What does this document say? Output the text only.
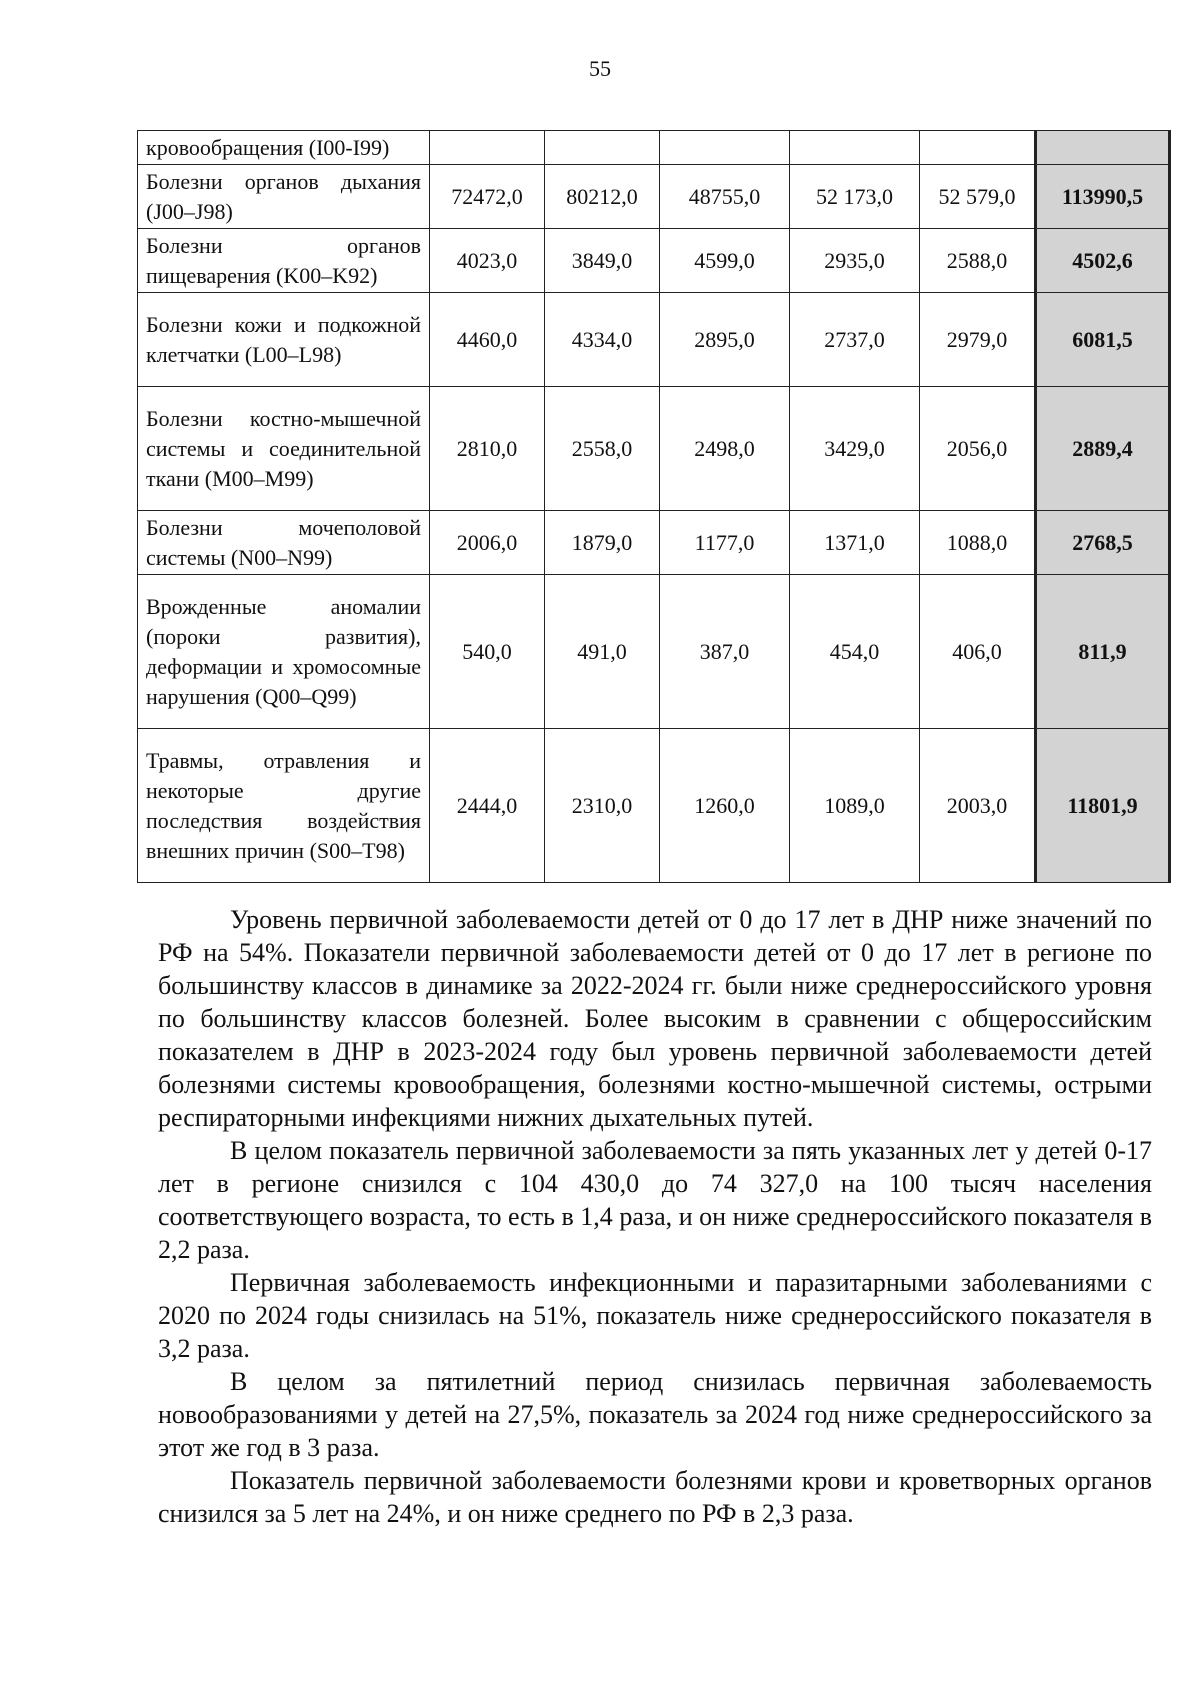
55
кровообращения (I00-I99)						
Болезни органов дыхания (J00–J98)	72472,0	80212,0	48755,0	52 173,0	52 579,0	113990,5
Болезни органов пищеварения (K00–K92)	4023,0	3849,0	4599,0	2935,0	2588,0	4502,6
Болезни кожи и подкожной клетчатки (L00–L98)	4460,0	4334,0	2895,0	2737,0	2979,0	6081,5
Болезни костно-мышечной системы и соединительной ткани (M00–M99)	2810,0	2558,0	2498,0	3429,0	2056,0	2889,4
Болезни мочеполовой системы (N00–N99)	2006,0	1879,0	1177,0	1371,0	1088,0	2768,5
Врожденные аномалии (пороки развития), деформации и хромосомные нарушения (Q00–Q99)	540,0	491,0	387,0	454,0	406,0	811,9
Травмы, отравления и некоторые другие последствия воздействия внешних причин (S00–T98)	2444,0	2310,0	1260,0	1089,0	2003,0	11801,9

Уровень первичной заболеваемости детей от 0 до 17 лет в ДНР ниже значений по РФ на 54%. Показатели первичной заболеваемости детей от 0 до 17 лет в регионе по большинству классов в динамике за 2022-2024 гг. были ниже среднероссийского уровня по большинству классов болезней. Более высоким в сравнении с общероссийским показателем в ДНР в 2023-2024 году был уровень первичной заболеваемости детей болезнями системы кровообращения, болезнями костно-мышечной системы, острыми респираторными инфекциями нижних дыхательных путей.

В целом показатель первичной заболеваемости за пять указанных лет у детей 0-17 лет в регионе снизился с 104 430,0 до 74 327,0 на 100 тысяч населения соответствующего возраста, то есть в 1,4 раза, и он ниже среднероссийского показателя в 2,2 раза.

Первичная заболеваемость инфекционными и паразитарными заболеваниями с 2020 по 2024 годы снизилась на 51%, показатель ниже среднероссийского показателя в 3,2 раза.

В целом за пятилетний период снизилась первичная заболеваемость новообразованиями у детей на 27,5%, показатель за 2024 год ниже среднероссийского за этот же год в 3 раза.

Показатель первичной заболеваемости болезнями крови и кроветворных органов снизился за 5 лет на 24%, и он ниже среднего по РФ в 2,3 раза.
